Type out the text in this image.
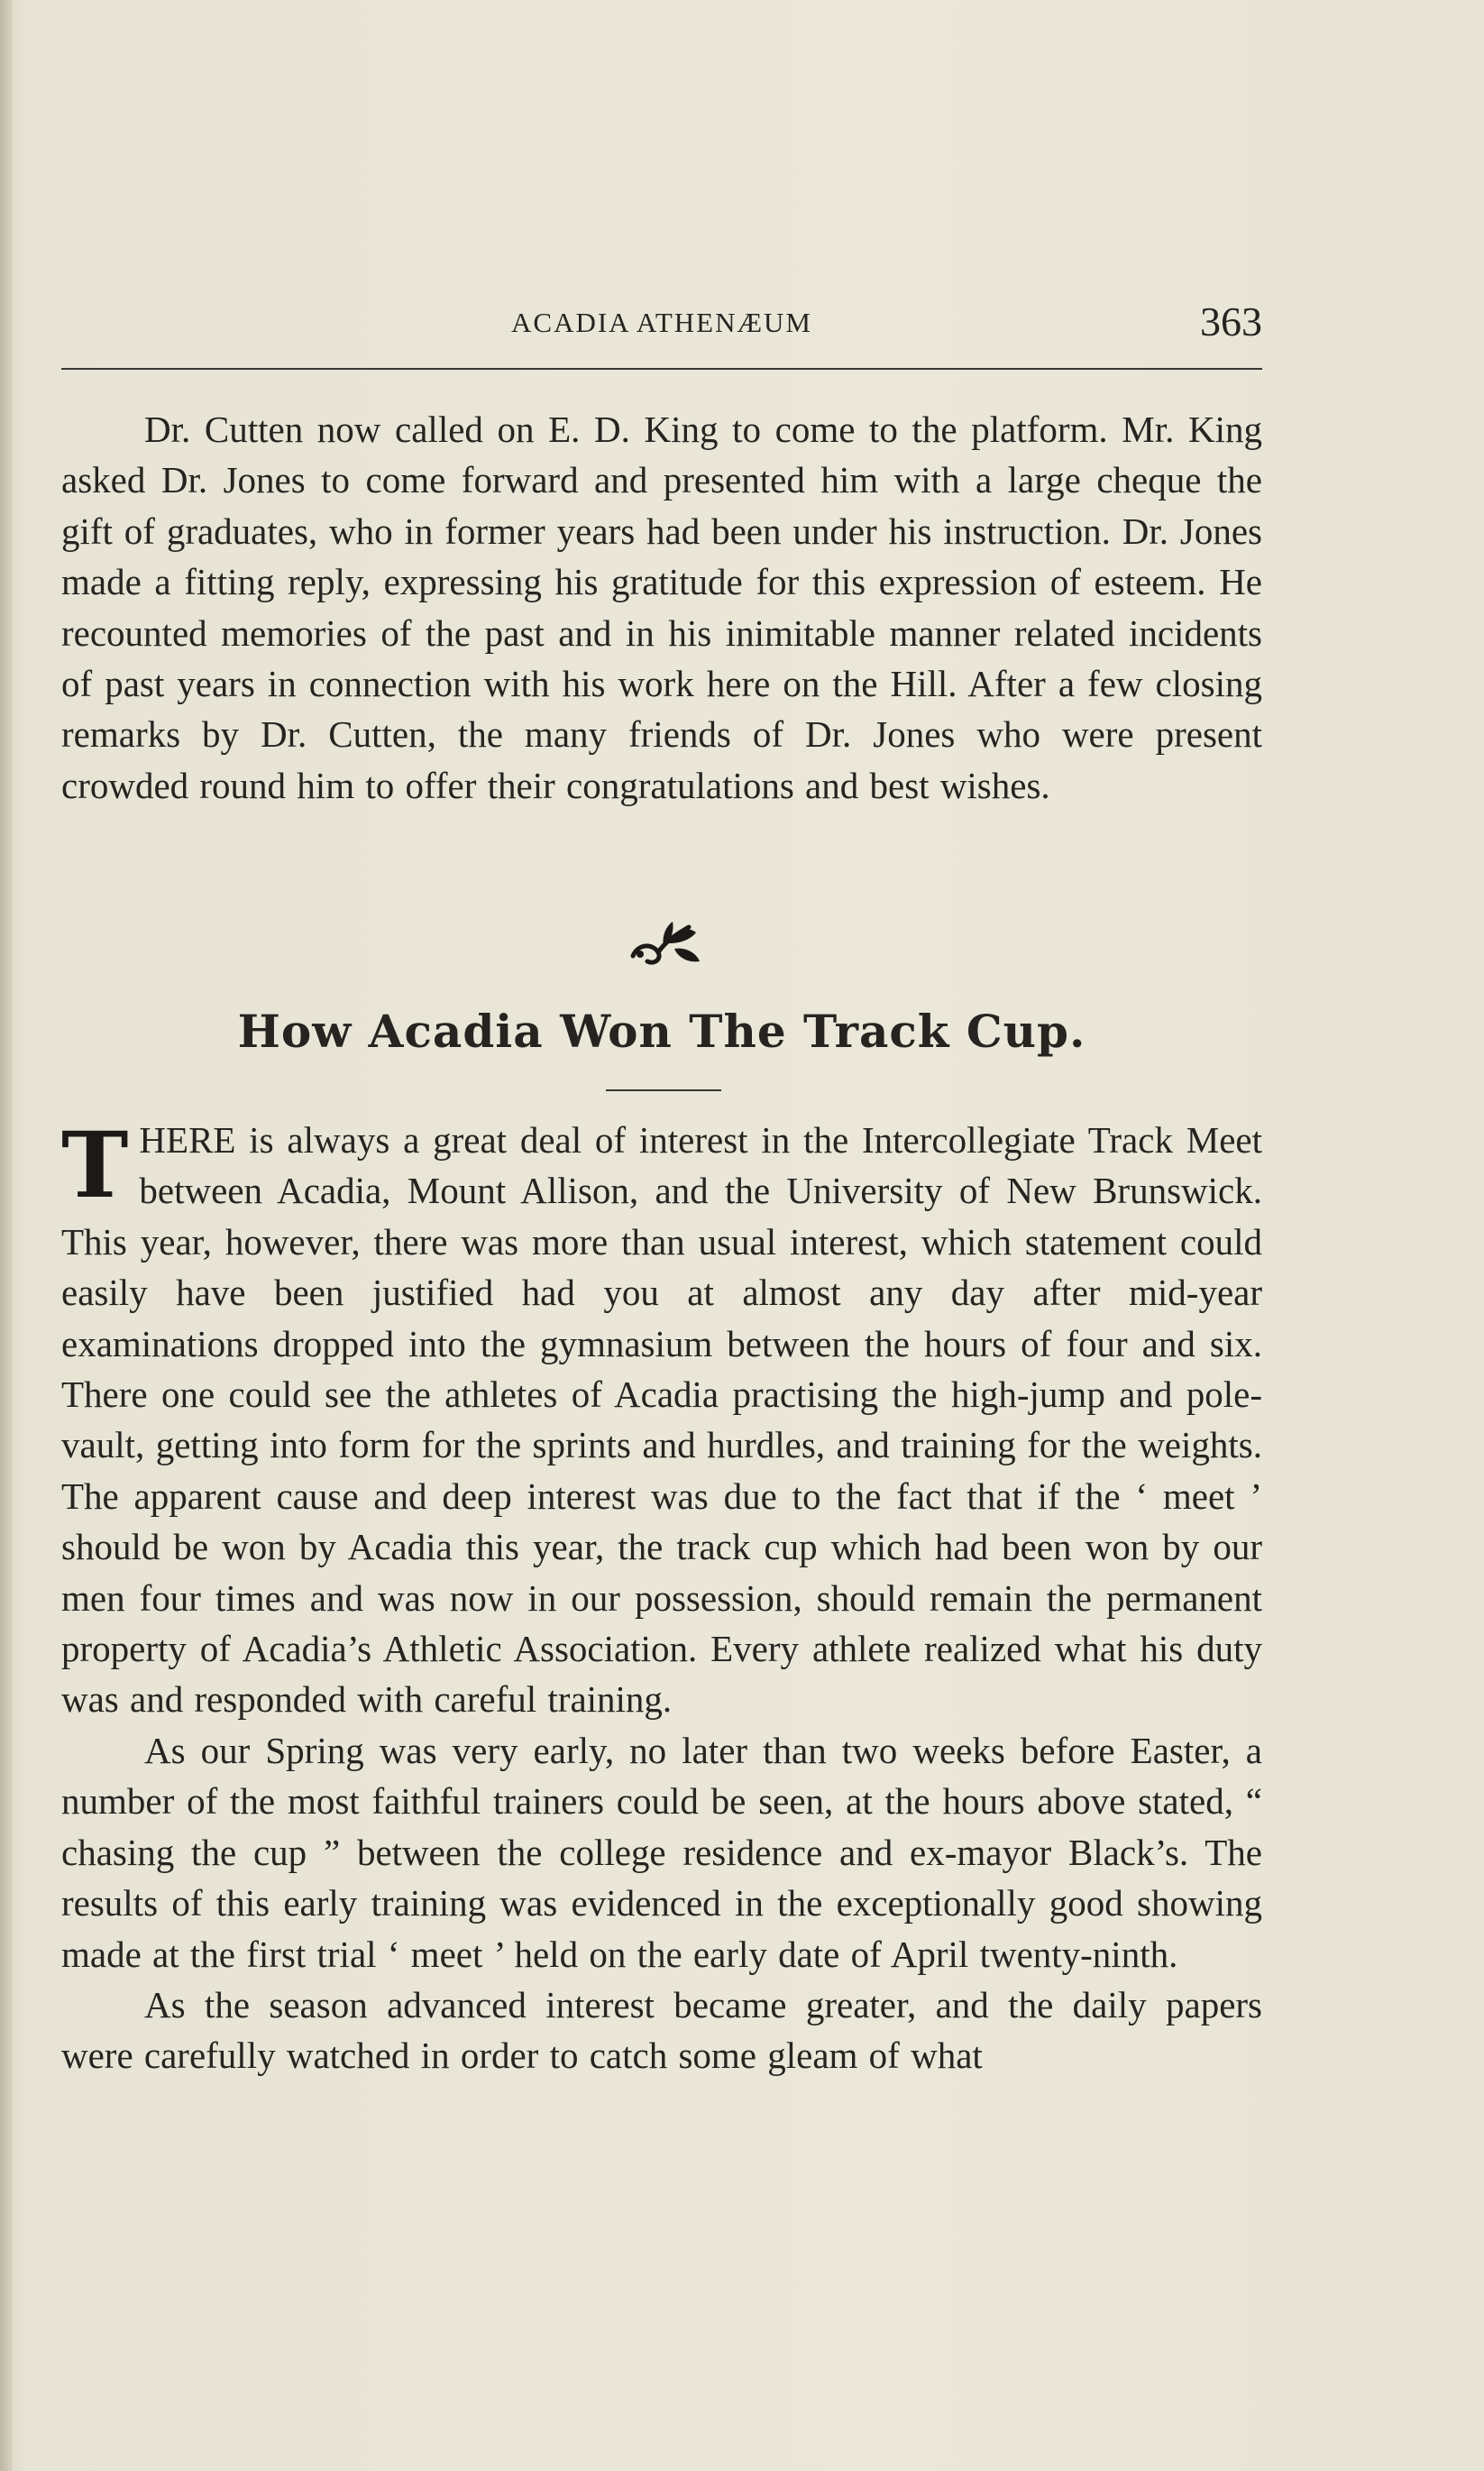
ACADIA ATHENÆUM	363

Dr. Cutten now called on E. D. King to come to the platform. Mr. King asked Dr. Jones to come forward and presented him with a large cheque the gift of graduates, who in former years had been under his instruction. Dr. Jones made a fitting reply, expressing his gratitude for this expression of esteem. He recounted memories of the past and in his inimitable manner related incidents of past years in connection with his work here on the Hill. After a few closing remarks by Dr. Cutten, the many friends of Dr. Jones who were present crowded round him to offer their congratulations and best wishes.

How Acadia Won The Track Cup.

THERE is always a great deal of interest in the Intercollegiate Track Meet between Acadia, Mount Allison, and the University of New Brunswick. This year, however, there was more than usual interest, which statement could easily have been justified had you at almost any day after mid-year examinations dropped into the gymnasium between the hours of four and six. There one could see the athletes of Acadia practising the high-jump and pole-vault, getting into form for the sprints and hurdles, and training for the weights. The apparent cause and deep interest was due to the fact that if the ‘ meet ’ should be won by Acadia this year, the track cup which had been won by our men four times and was now in our possession, should remain the permanent property of Acadia’s Athletic Association. Every athlete realized what his duty was and responded with careful training.

As our Spring was very early, no later than two weeks before Easter, a number of the most faithful trainers could be seen, at the hours above stated, “ chasing the cup ” between the college residence and ex-mayor Black’s. The results of this early training was evidenced in the exceptionally good showing made at the first trial ‘ meet ’ held on the early date of April twenty-ninth.

As the season advanced interest became greater, and the daily papers were carefully watched in order to catch some gleam of what
